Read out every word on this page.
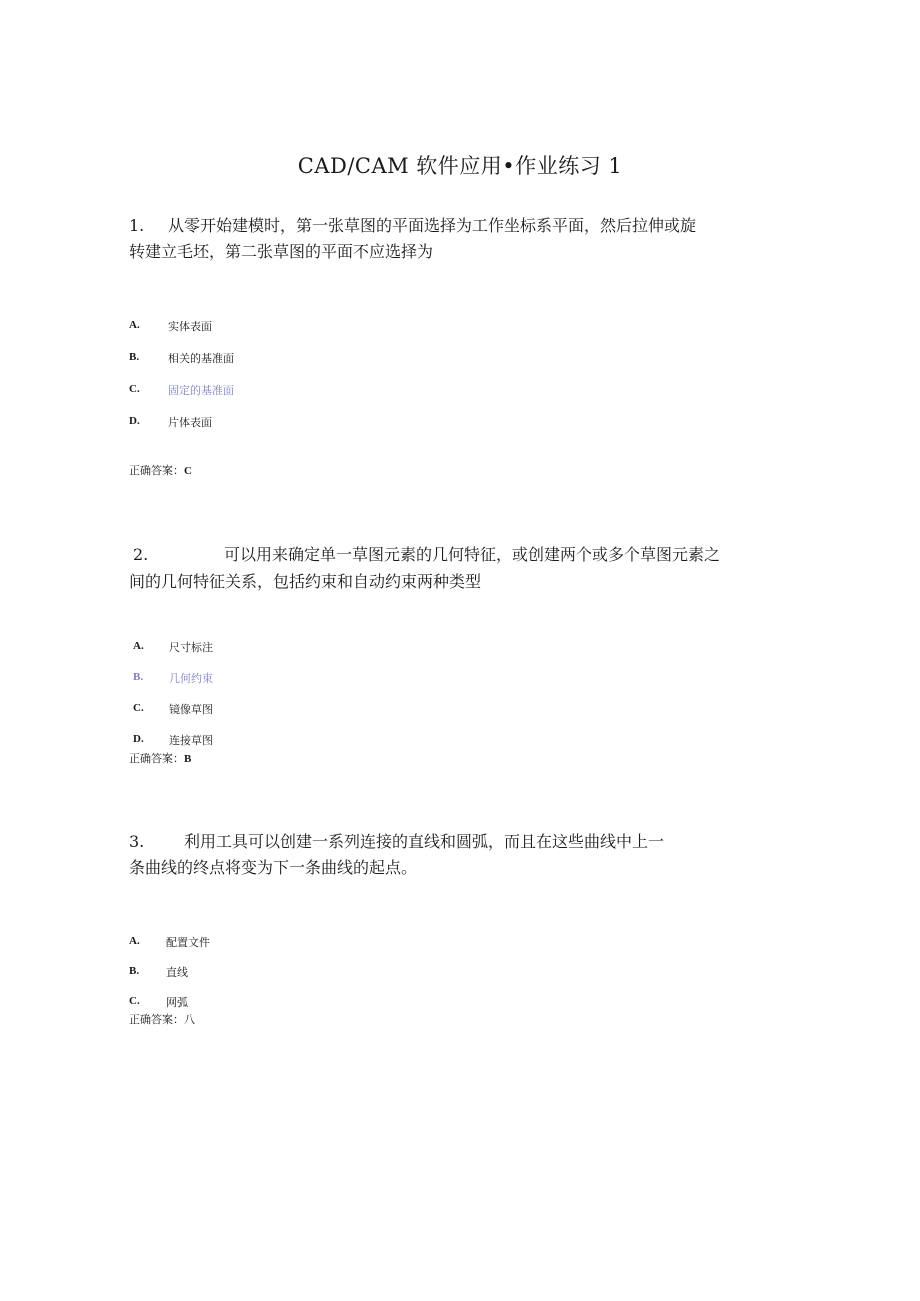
CAD/CAM 软件应用•作业练习 1
1. 从零开始建模时，第一张草图的平面选择为工作坐标系平面，然后拉伸或旋
转建立毛坯，第二张草图的平面不应选择为
A.	实体表面
B.	相关的基准面
C.	固定的基准面
D.	片体表面
正确答案：C
2.	可以用来确定单一草图元素的几何特征，或创建两个或多个草图元素之
间的几何特征关系，包括约束和自动约束两种类型
A. 尺寸标注
B. 几何约束
C. 镜像草图
D. 连接草图
正确答案：B
3. 利用工具可以创建一系列连接的直线和圆弧，而且在这些曲线中上一
条曲线的终点将变为下一条曲线的起点。
A. 配置文件
B. 直线
C. 网弧
正确答案：八
